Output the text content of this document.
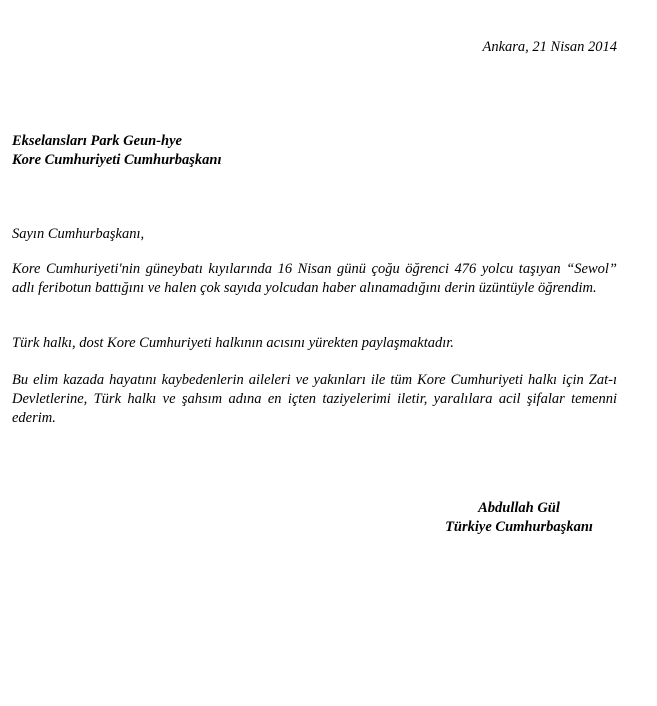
Ankara, 21 Nisan 2014
Ekselansları Park Geun-hye
Kore Cumhuriyeti Cumhurbaşkanı
Sayın Cumhurbaşkanı,

Kore Cumhuriyeti'nin güneybatı kıyılarında 16 Nisan günü çoğu öğrenci 476 yolcu taşıyan “Sewol” adlı feribotun battığını ve halen çok sayıda yolcudan haber alınamadığını derin üzüntüyle öğrendim.

Türk halkı, dost Kore Cumhuriyeti halkının acısını yürekten paylaşmaktadır.

Bu elim kazada hayatını kaybedenlerin aileleri ve yakınları ile tüm Kore Cumhuriyeti halkı için Zat-ı Devletlerine, Türk halkı ve şahsım adına en içten taziyelerimi iletir, yaralılara acil şifalar temenni ederim.

Abdullah Gül
Türkiye Cumhurbaşkanı
